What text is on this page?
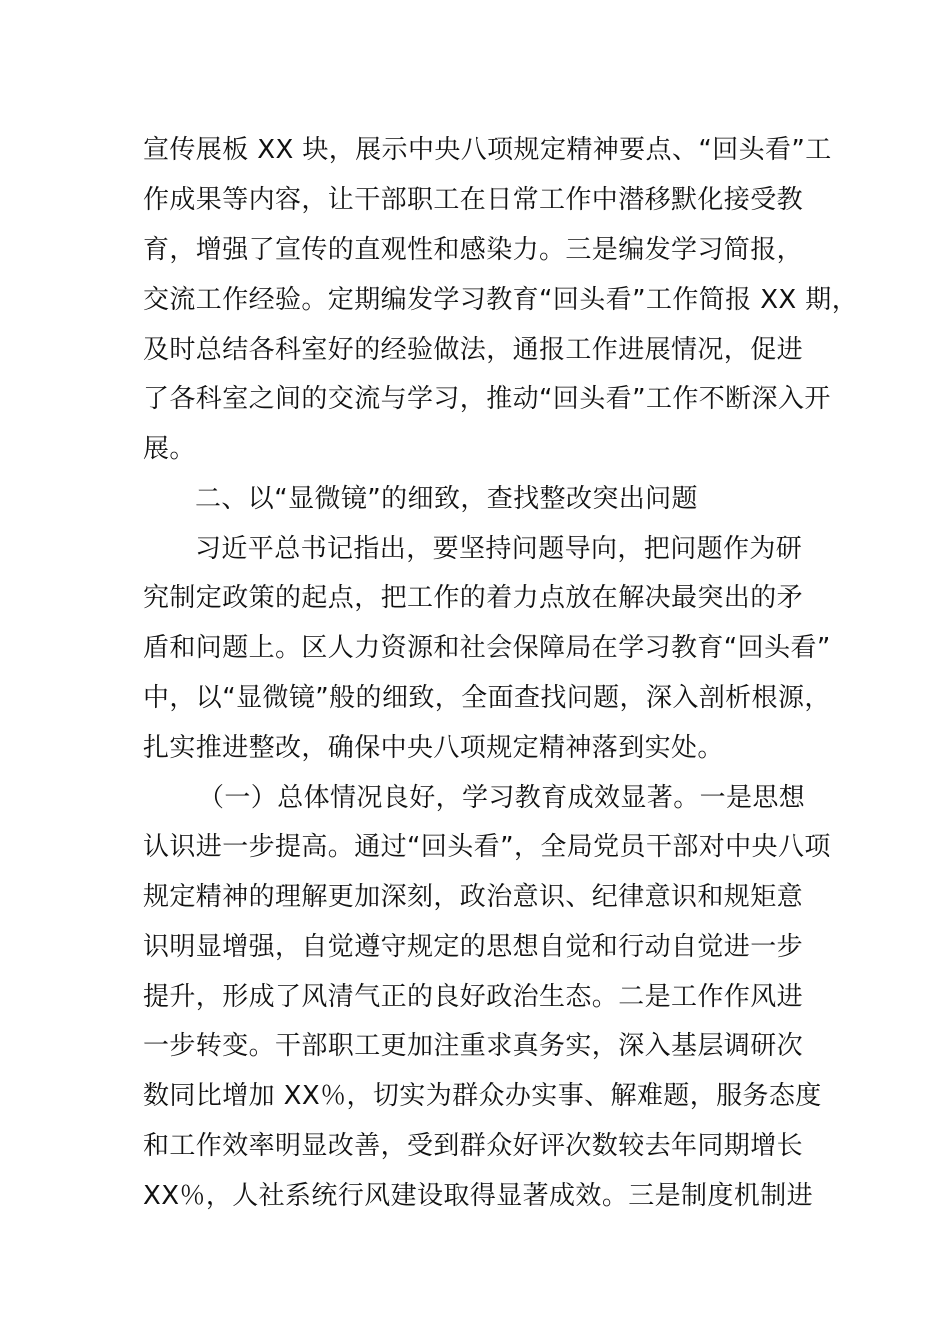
宣传展板 XX 块，展示中央八项规定精神要点、“回头看”工
作成果等内容，让干部职工在日常工作中潜移默化接受教
育，增强了宣传的直观性和感染力。三是编发学习简报，
交流工作经验。定期编发学习教育“回头看”工作简报 XX 期，
及时总结各科室好的经验做法，通报工作进展情况，促进
了各科室之间的交流与学习，推动“回头看”工作不断深入开
展。
二、以“显微镜”的细致，查找整改突出问题
习近平总书记指出，要坚持问题导向，把问题作为研
究制定政策的起点，把工作的着力点放在解决最突出的矛
盾和问题上。区人力资源和社会保障局在学习教育“回头看”
中，以“显微镜”般的细致，全面查找问题，深入剖析根源，
扎实推进整改，确保中央八项规定精神落到实处。
（一）总体情况良好，学习教育成效显著。一是思想
认识进一步提高。通过“回头看”，全局党员干部对中央八项
规定精神的理解更加深刻，政治意识、纪律意识和规矩意
识明显增强，自觉遵守规定的思想自觉和行动自觉进一步
提升，形成了风清气正的良好政治生态。二是工作作风进
一步转变。干部职工更加注重求真务实，深入基层调研次
数同比增加 XX％，切实为群众办实事、解难题，服务态度
和工作效率明显改善，受到群众好评次数较去年同期增长
XX％，人社系统行风建设取得显著成效。三是制度机制进
